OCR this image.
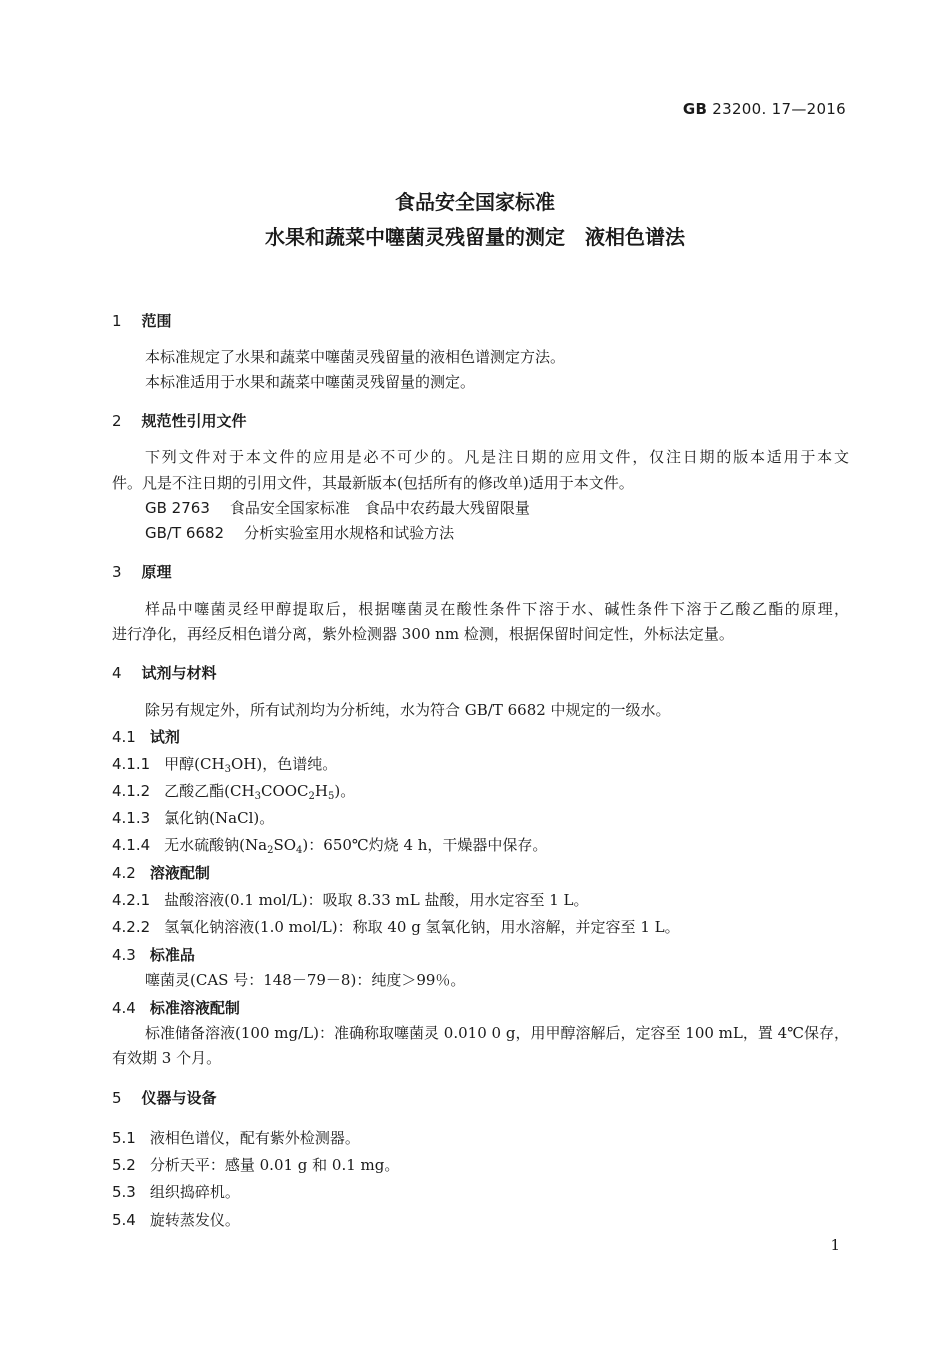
GB 23200. 17—2016
食品安全国家标准
水果和蔬菜中噻菌灵残留量的测定　液相色谱法
1 范围
本标准规定了水果和蔬菜中噻菌灵残留量的液相色谱测定方法。
本标准适用于水果和蔬菜中噻菌灵残留量的测定。
2 规范性引用文件
下列文件对于本文件的应用是必不可少的。凡是注日期的应用文件，仅注日期的版本适用于本文
件。凡是不注日期的引用文件，其最新版本(包括所有的修改单)适用于本文件。
GB 2763 食品安全国家标准　食品中农药最大残留限量
GB/T 6682 分析实验室用水规格和试验方法
3 原理
样品中噻菌灵经甲醇提取后，根据噻菌灵在酸性条件下溶于水、碱性条件下溶于乙酸乙酯的原理，
进行净化，再经反相色谱分离，紫外检测器 300 nm 检测，根据保留时间定性，外标法定量。
4 试剂与材料
除另有规定外，所有试剂均为分析纯，水为符合 GB/T 6682 中规定的一级水。
4.1 试剂
4.1.1 甲醇$(CH_3OH)$，色谱纯。
4.1.2 乙酸乙酯$(CH_3COOC_2H_5)$。
4.1.3 氯化钠(NaCl)。
4.1.4 无水硫酸钠$(Na_2SO_4)$：650℃灼烧 4 h，干燥器中保存。
4.2 溶液配制
4.2.1 盐酸溶液(0.1 mol/L)：吸取 8.33 mL 盐酸，用水定容至 1 L。
4.2.2 氢氧化钠溶液(1.0 mol/L)：称取 40 g 氢氧化钠，用水溶解，并定容至 1 L。
4.3 标准品
噻菌灵(CAS 号：148－79－8)：纯度＞99％。
4.4 标准溶液配制
标准储备溶液(100 mg/L)：准确称取噻菌灵 0.010 0 g，用甲醇溶解后，定容至 100 mL，置 4℃保存，
有效期 3 个月。
5 仪器与设备
5.1 液相色谱仪，配有紫外检测器。
5.2 分析天平：感量 0.01 g 和 0.1 mg。
5.3 组织捣碎机。
5.4 旋转蒸发仪。
1
